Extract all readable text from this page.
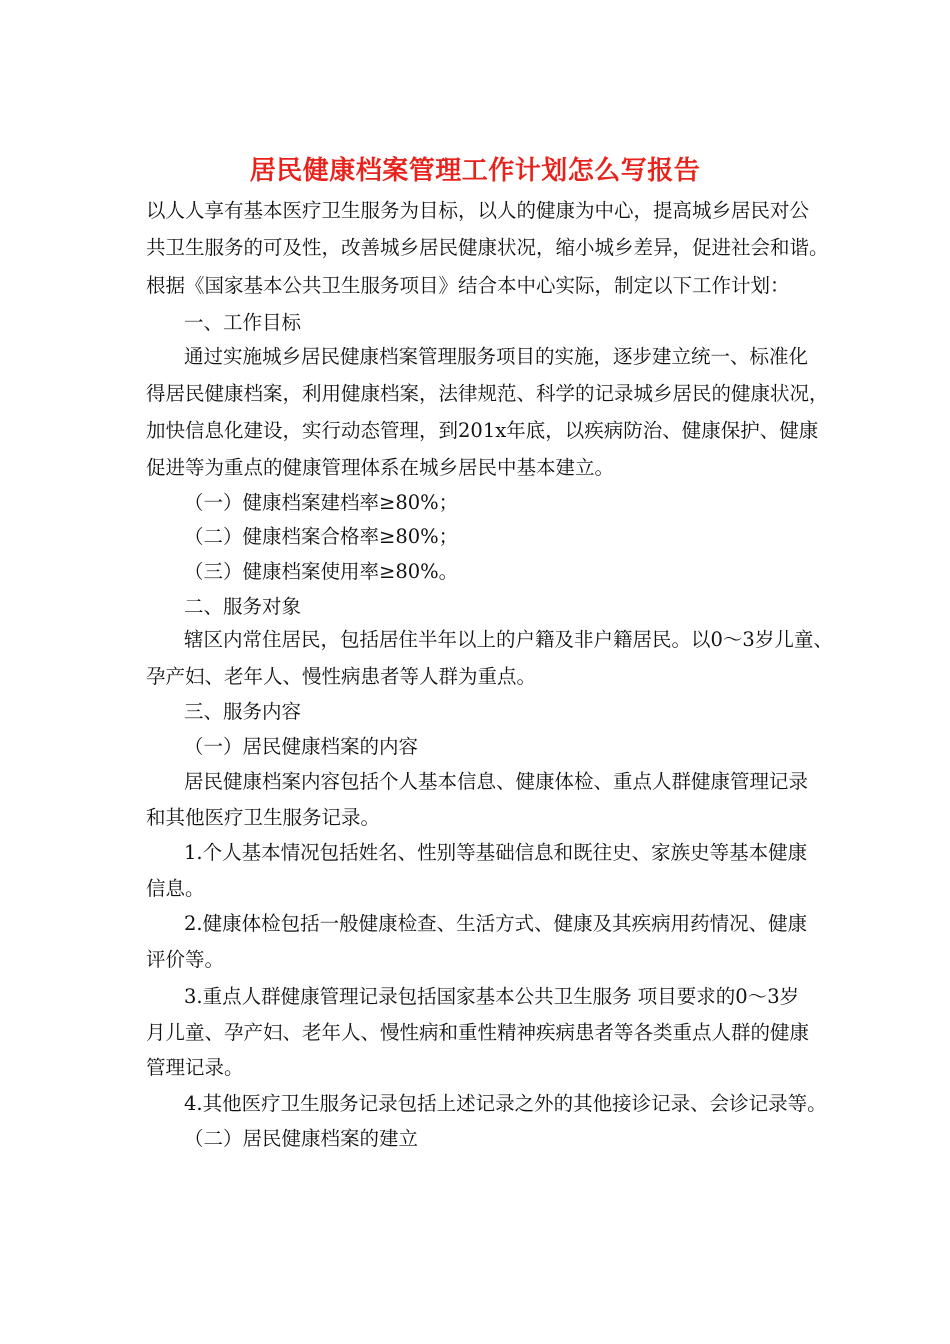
居民健康档案管理工作计划怎么写报告

以人人享有基本医疗卫生服务为目标，以人的健康为中心，提高城乡居民对公

共卫生服务的可及性，改善城乡居民健康状况，缩小城乡差异，促进社会和谐。

根据《国家基本公共卫生服务项目》结合本中心实际，制定以下工作计划：

一、工作目标

通过实施城乡居民健康档案管理服务项目的实施，逐步建立统一、标准化

得居民健康档案，利用健康档案，法律规范、科学的记录城乡居民的健康状况，

加快信息化建设，实行动态管理，到201x年底，以疾病防治、健康保护、健康

促进等为重点的健康管理体系在城乡居民中基本建立。

（一）健康档案建档率≥80%；

（二）健康档案合格率≥80%；

（三）健康档案使用率≥80%。

二、服务对象

辖区内常住居民，包括居住半年以上的户籍及非户籍居民。以0～3岁儿童、

孕产妇、老年人、慢性病患者等人群为重点。

三、服务内容

（一）居民健康档案的内容

居民健康档案内容包括个人基本信息、健康体检、重点人群健康管理记录

和其他医疗卫生服务记录。

1.个人基本情况包括姓名、性别等基础信息和既往史、家族史等基本健康

信息。

2.健康体检包括一般健康检查、生活方式、健康及其疾病用药情况、健康

评价等。

3.重点人群健康管理记录包括国家基本公共卫生服务 项目要求的0～3岁

月儿童、孕产妇、老年人、慢性病和重性精神疾病患者等各类重点人群的健康

管理记录。

4.其他医疗卫生服务记录包括上述记录之外的其他接诊记录、会诊记录等。

（二）居民健康档案的建立
